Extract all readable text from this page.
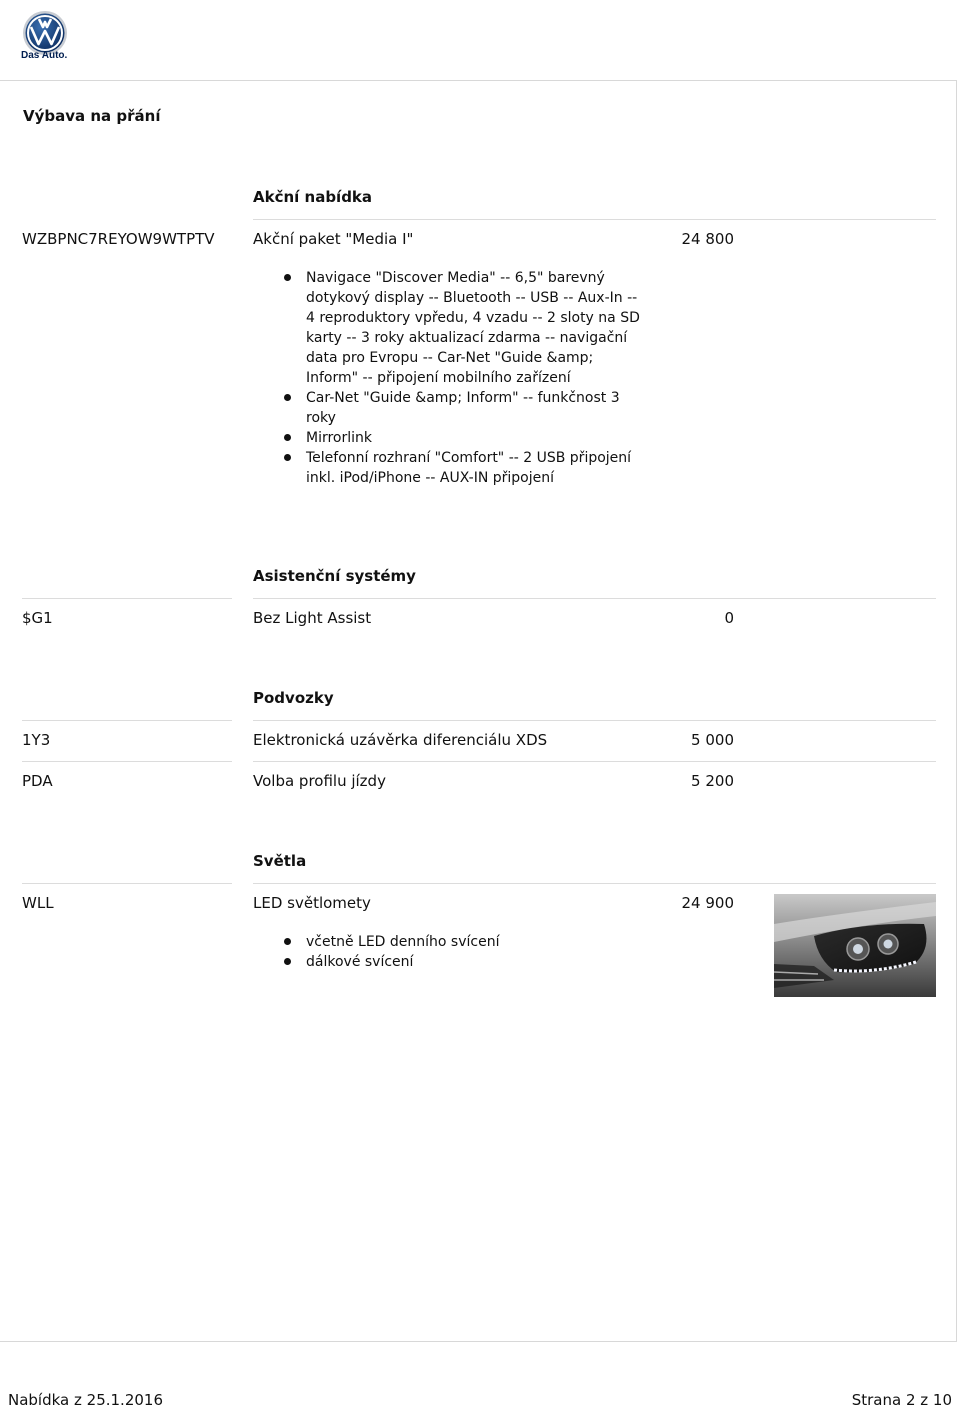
Das Auto.
Výbava na přání
Akční nabídka
WZBPNC7REYOW9WTPTV	Akční paket "Media I"	24 800
Navigace "Discover Media" -- 6,5" barevný dotykový display -- Bluetooth -- USB -- Aux-In -- 4 reproduktory vpředu, 4 vzadu -- 2 sloty na SD karty -- 3 roky aktualizací zdarma -- navigační data pro Evropu -- Car-Net "Guide &amp; Inform" -- připojení mobilního zařízení
Car-Net "Guide &amp; Inform" -- funkčnost 3 roky
Mirrorlink
Telefonní rozhraní "Comfort" -- 2 USB připojení inkl. iPod/iPhone -- AUX-IN připojení
Asistenční systémy
$G1	Bez Light Assist	0
Podvozky
1Y3	Elektronická uzávěrka diferenciálu XDS	5 000
PDA	Volba profilu jízdy	5 200
Světla
WLL	LED světlomety	24 900
včetně LED denního svícení
dálkové svícení
Nabídka z 25.1.2016	Strana 2 z 10
